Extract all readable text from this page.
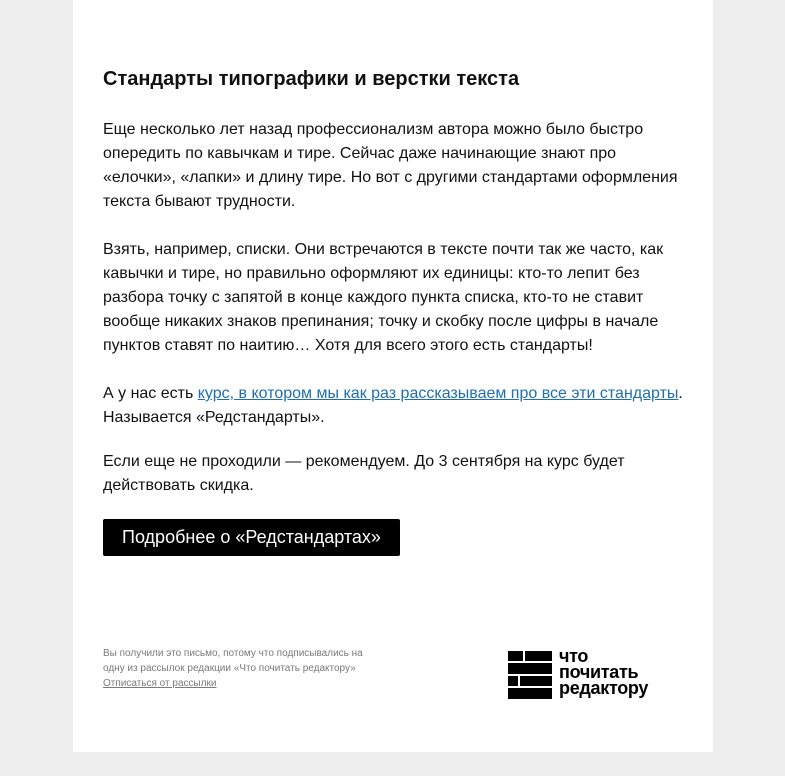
Стандарты типографики и верстки текста

Еще несколько лет назад профессионализм автора можно было быстро опередить по кавычкам и тире. Сейчас даже начинающие знают про «елочки», «лапки» и длину тире. Но вот с другими стандартами оформления текста бывают трудности.

Взять, например, списки. Они встречаются в тексте почти так же часто, как кавычки и тире, но правильно оформляют их единицы: кто-то лепит без разбора точку с запятой в конце каждого пункта списка, кто-то не ставит вообще никаких знаков препинания; точку и скобку после цифры в начале пунктов ставят по наитию… Хотя для всего этого есть стандарты!

А у нас есть курс, в котором мы как раз рассказываем про все эти стандарты. Называется «Редстандарты».

Если еще не проходили — рекомендуем. До 3 сентября на курс будет действовать скидка.

Подробнее о «Редстандартах»
Вы получили это письмо, потому что подписывались на одну из рассылок редакции «Что почитать редактору»
Отписаться от рассылки
что
почитать
редактору
